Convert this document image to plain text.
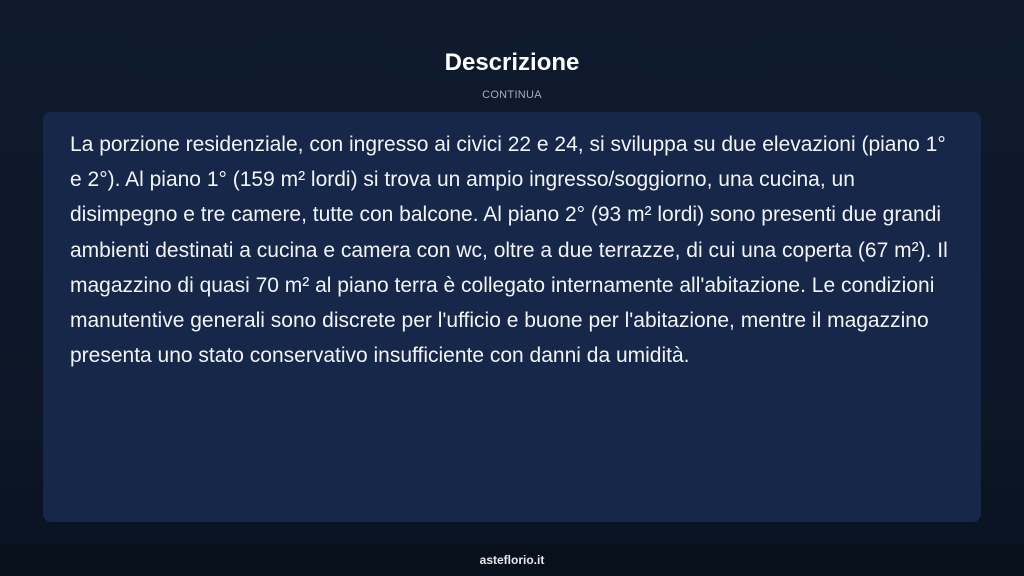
Descrizione
CONTINUA

La porzione residenziale, con ingresso ai civici 22 e 24, si sviluppa su due elevazioni (piano 1° e 2°). Al piano 1° (159 m² lordi) si trova un ampio ingresso/soggiorno, una cucina, un disimpegno e tre camere, tutte con balcone. Al piano 2° (93 m² lordi) sono presenti due grandi ambienti destinati a cucina e camera con wc, oltre a due terrazze, di cui una coperta (67 m²). Il magazzino di quasi 70 m² al piano terra è collegato internamente all'abitazione. Le condizioni manutentive generali sono discrete per l'ufficio e buone per l'abitazione, mentre il magazzino presenta uno stato conservativo insufficiente con danni da umidità.

asteflorio.it
